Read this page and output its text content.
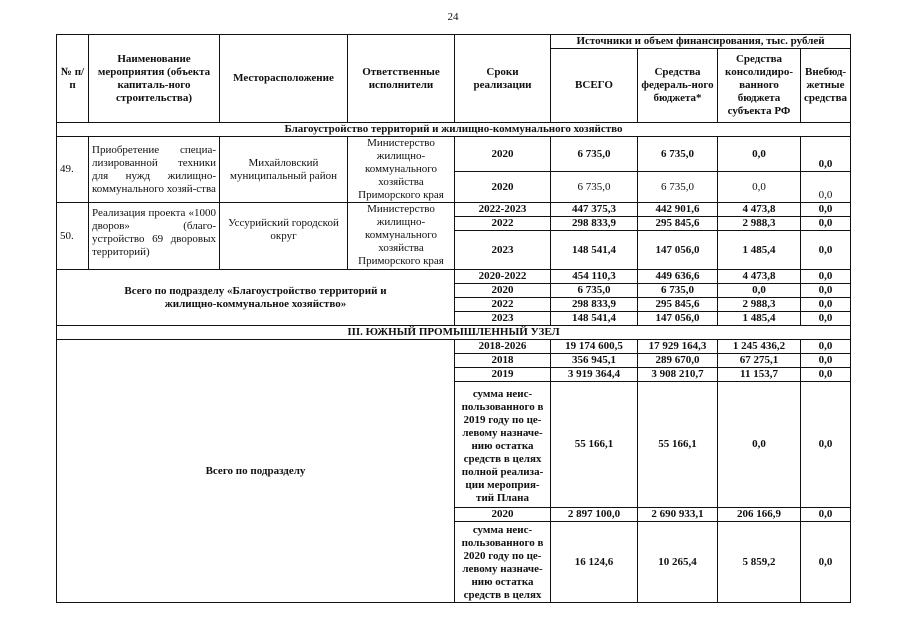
24
№ п/п	Наименование мероприятия (объекта капиталь-ного строительства)	Месторасположение	Ответственные исполнители	Сроки реализации	Источники и объем финансирования, тыс. рублей			
					ВСЕГО	Средства федераль-ного бюджета*	Средства консолидиро-ванного бюджета субъекта РФ	Внебюд-жетные средства
Благоустройство территорий и жилищно-коммунального хозяйство								
49.	Приобретение специа-лизированной техники для нужд жилищно-коммунального хозяй-ства	Михайловский муниципальный район	Министерство жилищно-коммунального хозяйства Приморского края	2020	6 735,0	6 735,0	0,0	0,0
				2020	6 735,0	6 735,0	0,0	0,0
50.	Реализация проекта «1000 дворов» (благо-устройство 69 дворовых территорий)	Уссурийский городской округ	Министерство жилищно-коммунального хозяйства Приморского края	2022-2023	447 375,3	442 901,6	4 473,8	0,0
				2022	298 833,9	295 845,6	2 988,3	0,0
				2023	148 541,4	147 056,0	1 485,4	0,0
Всего по подразделу «Благоустройство территорий и жилищно-коммунальное хозяйство»				2020-2022	454 110,3	449 636,6	4 473,8	0,0
				2020	6 735,0	6 735,0	0,0	0,0
				2022	298 833,9	295 845,6	2 988,3	0,0
				2023	148 541,4	147 056,0	1 485,4	0,0
III. ЮЖНЫЙ ПРОМЫШЛЕННЫЙ УЗЕЛ								
Всего по подразделу				2018-2026	19 174 600,5	17 929 164,3	1 245 436,2	0,0
				2018	356 945,1	289 670,0	67 275,1	0,0
				2019	3 919 364,4	3 908 210,7	11 153,7	0,0
				сумма неис-пользованного в 2019 году по це-левому назначе-нию остатка средств в целях полной реализа-ции мероприя-тий Плана	55 166,1	55 166,1	0,0	0,0
				2020	2 897 100,0	2 690 933,1	206 166,9	0,0
				сумма неис-пользованного в 2020 году по це-левому назначе-нию остатка средств в целях	16 124,6	10 265,4	5 859,2	0,0
